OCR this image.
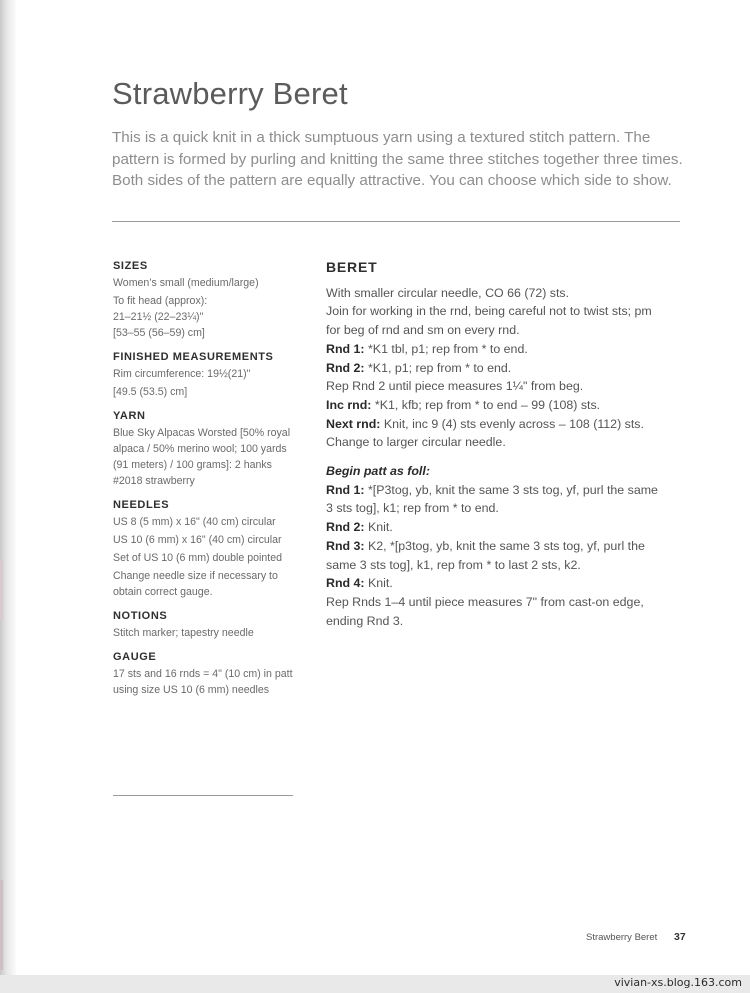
Strawberry Beret

This is a quick knit in a thick sumptuous yarn using a textured stitch pattern. The pattern is formed by purling and knitting the same three stitches together three times. Both sides of the pattern are equally attractive. You can choose which side to show.

SIZES

Women’s small (medium/large)

To fit head (approx):

21–21½ (22–23¼)"

[53–55 (56–59) cm]

FINISHED MEASUREMENTS

Rim circumference: 19½(21)"

[49.5 (53.5) cm]

YARN

Blue Sky Alpacas Worsted [50% royal alpaca / 50% merino wool; 100 yards (91 meters) / 100 grams]: 2 hanks #2018 strawberry

NEEDLES

US 8 (5 mm) x 16" (40 cm) circular

US 10 (6 mm) x 16" (40 cm) circular

Set of US 10 (6 mm) double pointed

Change needle size if necessary to obtain correct gauge.

NOTIONS

Stitch marker; tapestry needle

GAUGE

17 sts and 16 rnds = 4" (10 cm) in patt using size US 10 (6 mm) needles

BERET

With smaller circular needle, CO 66 (72) sts.

Join for working in the rnd, being careful not to twist sts; pm for beg of rnd and sm on every rnd.

Rnd 1: *K1 tbl, p1; rep from * to end.

Rnd 2: *K1, p1; rep from * to end.

Rep Rnd 2 until piece measures 1¼" from beg.

Inc rnd: *K1, kfb; rep from * to end – 99 (108) sts.

Next rnd: Knit, inc 9 (4) sts evenly across – 108 (112) sts.

Change to larger circular needle.

Begin patt as foll:

Rnd 1: *[P3tog, yb, knit the same 3 sts tog, yf, purl the same 3 sts tog], k1; rep from * to end.

Rnd 2: Knit.

Rnd 3: K2, *[p3tog, yb, knit the same 3 sts tog, yf, purl the same 3 sts tog], k1, rep from * to last 2 sts, k2.

Rnd 4: Knit.

Rep Rnds 1–4 until piece measures 7" from cast-on edge, ending Rnd 3.

Strawberry Beret 37
vivian-xs.blog.163.com
